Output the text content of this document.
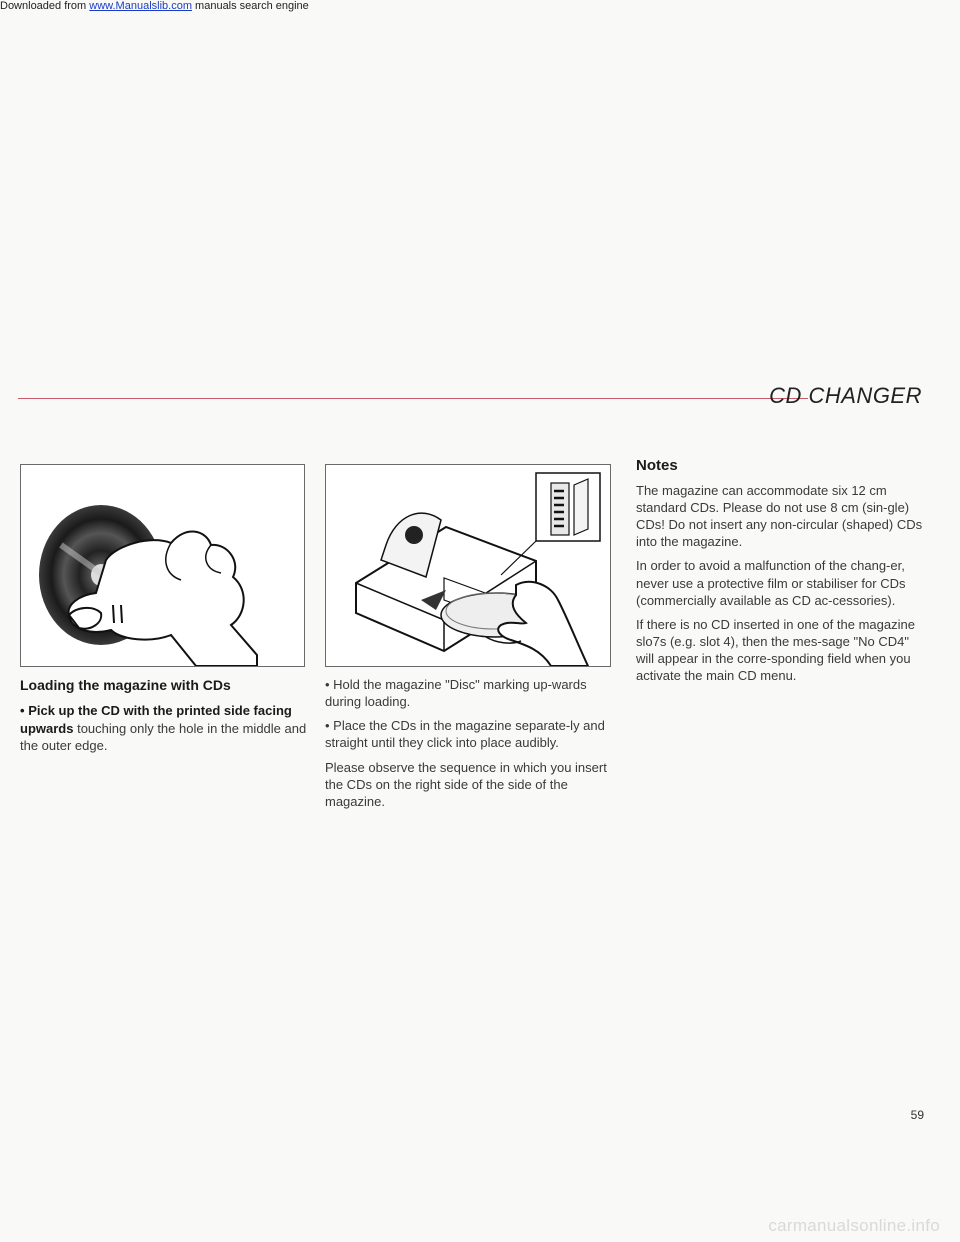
Downloaded from www.Manualslib.com manuals search engine
CD CHANGER

Loading the magazine with CDs

• Pick up the CD with the printed side facing upwards touching only the hole in the middle and the outer edge.

• Hold the magazine "Disc" marking up-wards during loading.

• Place the CDs in the magazine separate-ly and straight until they click into place audibly.

Please observe the sequence in which you insert the CDs on the right side of the side of the magazine.

Notes

The magazine can accommodate six 12 cm standard CDs. Please do not use 8 cm (sin-gle) CDs! Do not insert any non-circular (shaped) CDs into the magazine.

In order to avoid a malfunction of the chang-er, never use a protective film or stabiliser for CDs (commercially available as CD ac-cessories).

If there is no CD inserted in one of the magazine slo7s (e.g. slot 4), then the mes-sage "No CD4" will appear in the corre-sponding field when you activate the main CD menu.

59
carmanualsonline.info
